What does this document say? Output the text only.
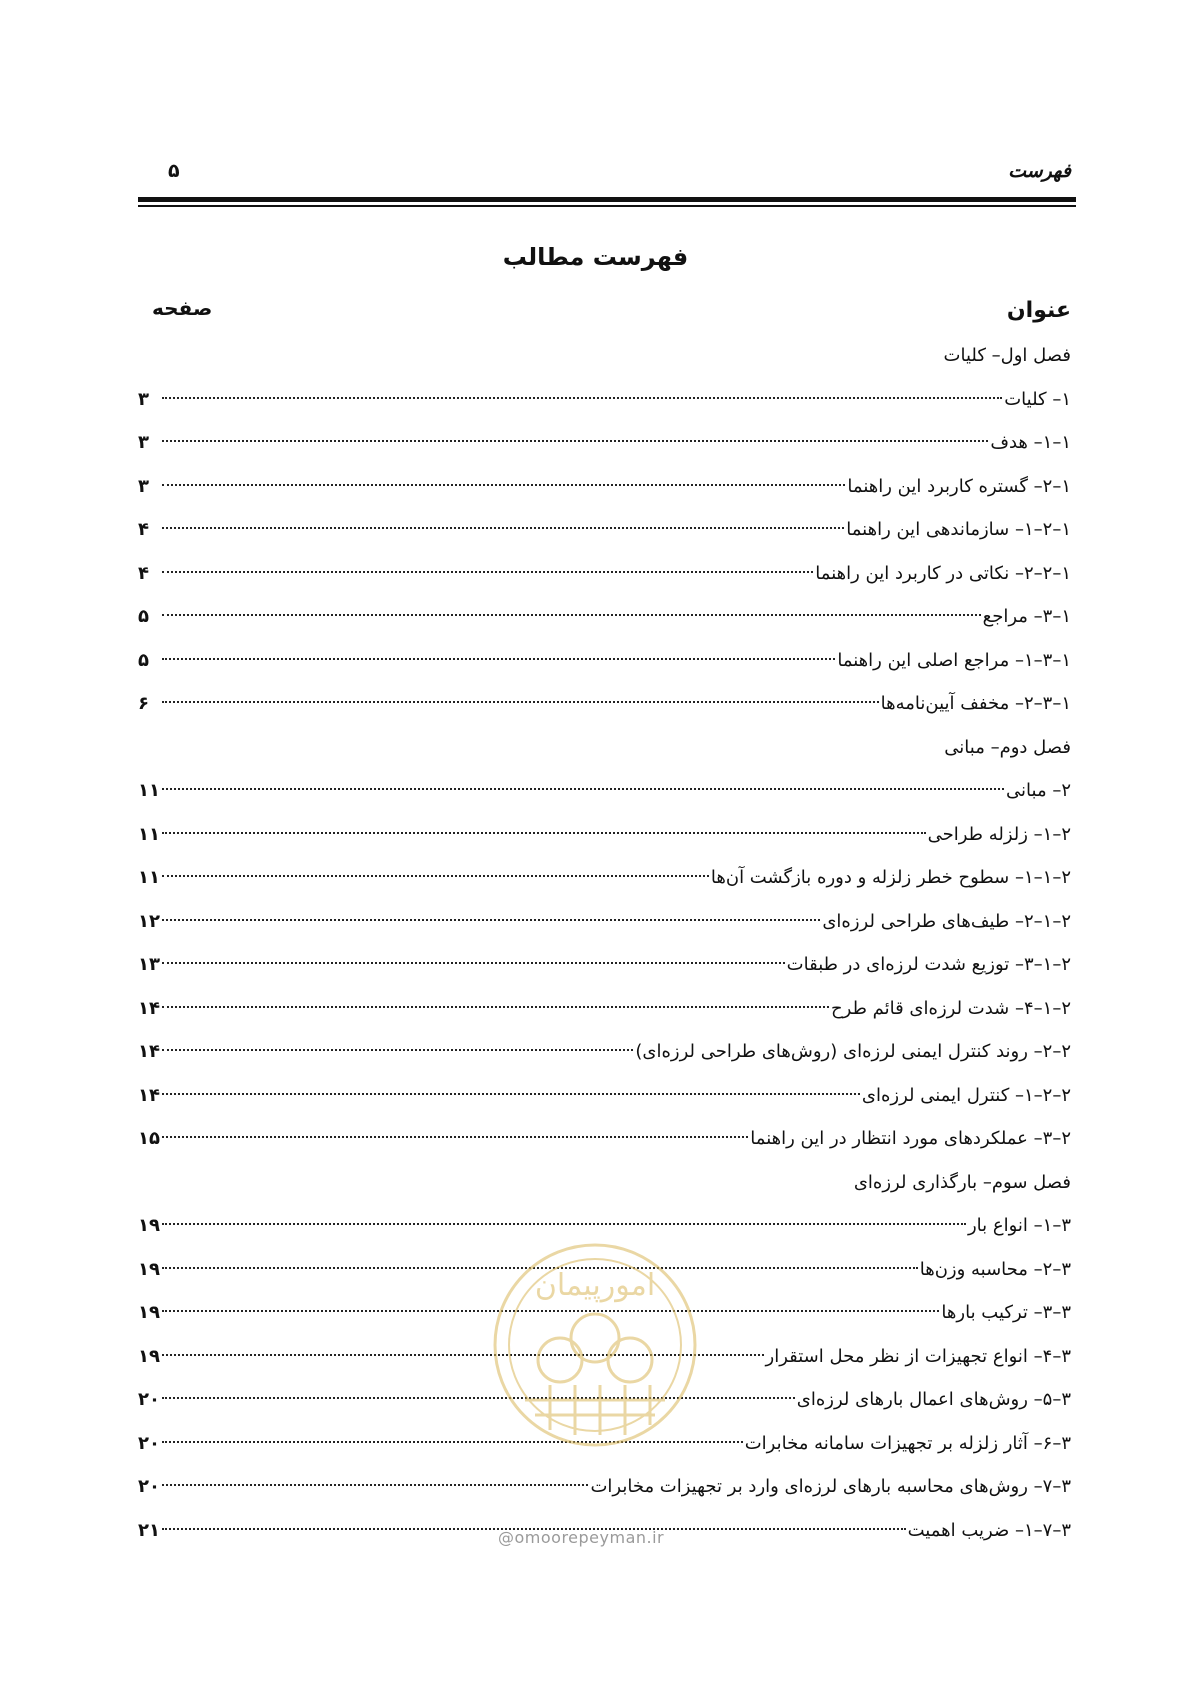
فهرست
۵
فهرست مطالب
عنوان
صفحه
فصل اول– کلیات
۱– کلیات
۳
۱–۱– هدف
۳
۱–۲– گستره کاربرد این راهنما
۳
۱–۲–۱– سازماندهی این راهنما
۴
۱–۲–۲– نکاتی در کاربرد این راهنما
۴
۱–۳– مراجع
۵
۱–۳–۱– مراجع اصلی این راهنما
۵
۱–۳–۲– مخفف آیین‌نامه‌ها
۶
فصل دوم– مبانی
۲– مبانی
۱۱
۲–۱– زلزله طراحی
۱۱
۲–۱–۱– سطوح خطر زلزله و دوره بازگشت آن‌ها
۱۱
۲–۱–۲– طیف‌های طراحی لرزه‌ای
۱۲
۲–۱–۳– توزیع شدت لرزه‌ای در طبقات
۱۳
۲–۱–۴– شدت لرزه‌ای قائم طرح
۱۴
۲–۲– روند کنترل ایمنی لرزه‌ای (روش‌های طراحی لرزه‌ای)
۱۴
۲–۲–۱– کنترل ایمنی لرزه‌ای
۱۴
۲–۳– عملکردهای مورد انتظار در این راهنما
۱۵
فصل سوم– بارگذاری لرزه‌ای
۳–۱– انواع بار
۱۹
۳–۲– محاسبه وزن‌ها
۱۹
۳–۳– ترکیب بارها
۱۹
۳–۴– انواع تجهیزات از نظر محل استقرار
۱۹
۳–۵– روش‌های اعمال بارهای لرزه‌ای
۲۰
۳–۶– آثار زلزله بر تجهیزات سامانه مخابرات
۲۰
۳–۷– روش‌های محاسبه بارهای لرزه‌ای وارد بر تجهیزات مخابرات
۲۰
۳–۷–۱– ضریب اهمیت
۲۱
امورپیمان
@omoorepeyman.ir
